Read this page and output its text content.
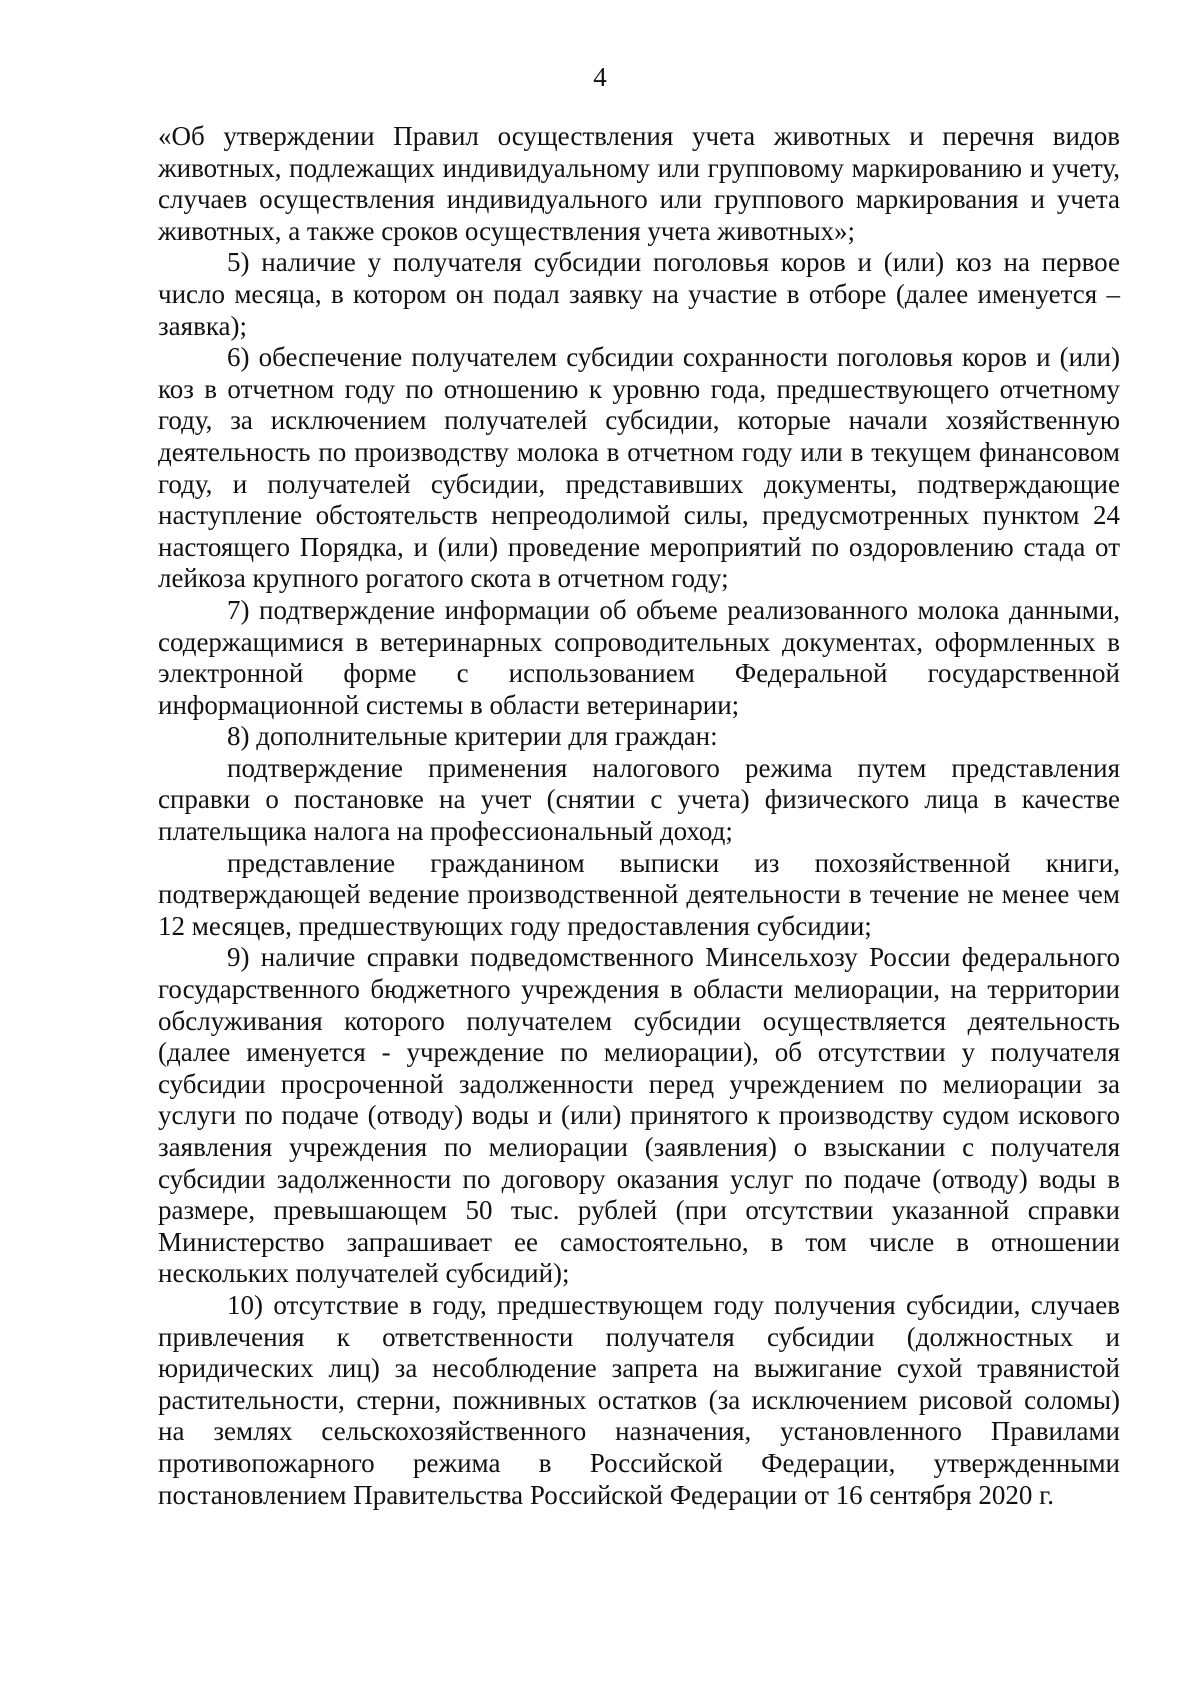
4

«Об утверждении Правил осуществления учета животных и перечня видов животных, подлежащих индивидуальному или групповому маркированию и учету, случаев осуществления индивидуального или группового маркирования и учета животных, а также сроков осуществления учета животных»;

5) наличие у получателя субсидии поголовья коров и (или) коз на первое число месяца, в котором он подал заявку на участие в отборе (далее именуется – заявка);

6) обеспечение получателем субсидии сохранности поголовья коров и (или) коз в отчетном году по отношению к уровню года, предшествующего отчетному году, за исключением получателей субсидии, которые начали хозяйственную деятельность по производству молока в отчетном году или в текущем финансовом году, и получателей субсидии, представивших документы, подтверждающие наступление обстоятельств непреодолимой силы, предусмотренных пунктом 24 настоящего Порядка, и (или) проведение мероприятий по оздоровлению стада от лейкоза крупного рогатого скота в отчетном году;

7) подтверждение информации об объеме реализованного молока данными, содержащимися в ветеринарных сопроводительных документах, оформленных в электронной форме с использованием Федеральной государственной информационной системы в области ветеринарии;

8) дополнительные критерии для граждан:

подтверждение применения налогового режима путем представления справки о постановке на учет (снятии с учета) физического лица в качестве плательщика налога на профессиональный доход;

представление гражданином выписки из похозяйственной книги, подтверждающей ведение производственной деятельности в течение не менее чем 12 месяцев, предшествующих году предоставления субсидии;

9) наличие справки подведомственного Минсельхозу России федерального государственного бюджетного учреждения в области мелиорации, на территории обслуживания которого получателем субсидии осуществляется деятельность (далее именуется - учреждение по мелиорации), об отсутствии у получателя субсидии просроченной задолженности перед учреждением по мелиорации за услуги по подаче (отводу) воды и (или) принятого к производству судом искового заявления учреждения по мелиорации (заявления) о взыскании с получателя субсидии задолженности по договору оказания услуг по подаче (отводу) воды в размере, превышающем 50 тыс. рублей (при отсутствии указанной справки Министерство запрашивает ее самостоятельно, в том числе в отношении нескольких получателей субсидий);

10) отсутствие в году, предшествующем году получения субсидии, случаев привлечения к ответственности получателя субсидии (должностных и юридических лиц) за несоблюдение запрета на выжигание сухой травянистой растительности, стерни, пожнивных остатков (за исключением рисовой соломы) на землях сельскохозяйственного назначения, установленного Правилами противопожарного режима в Российской Федерации, утвержденными постановлением Правительства Российской Федерации от 16 сентября 2020 г.
